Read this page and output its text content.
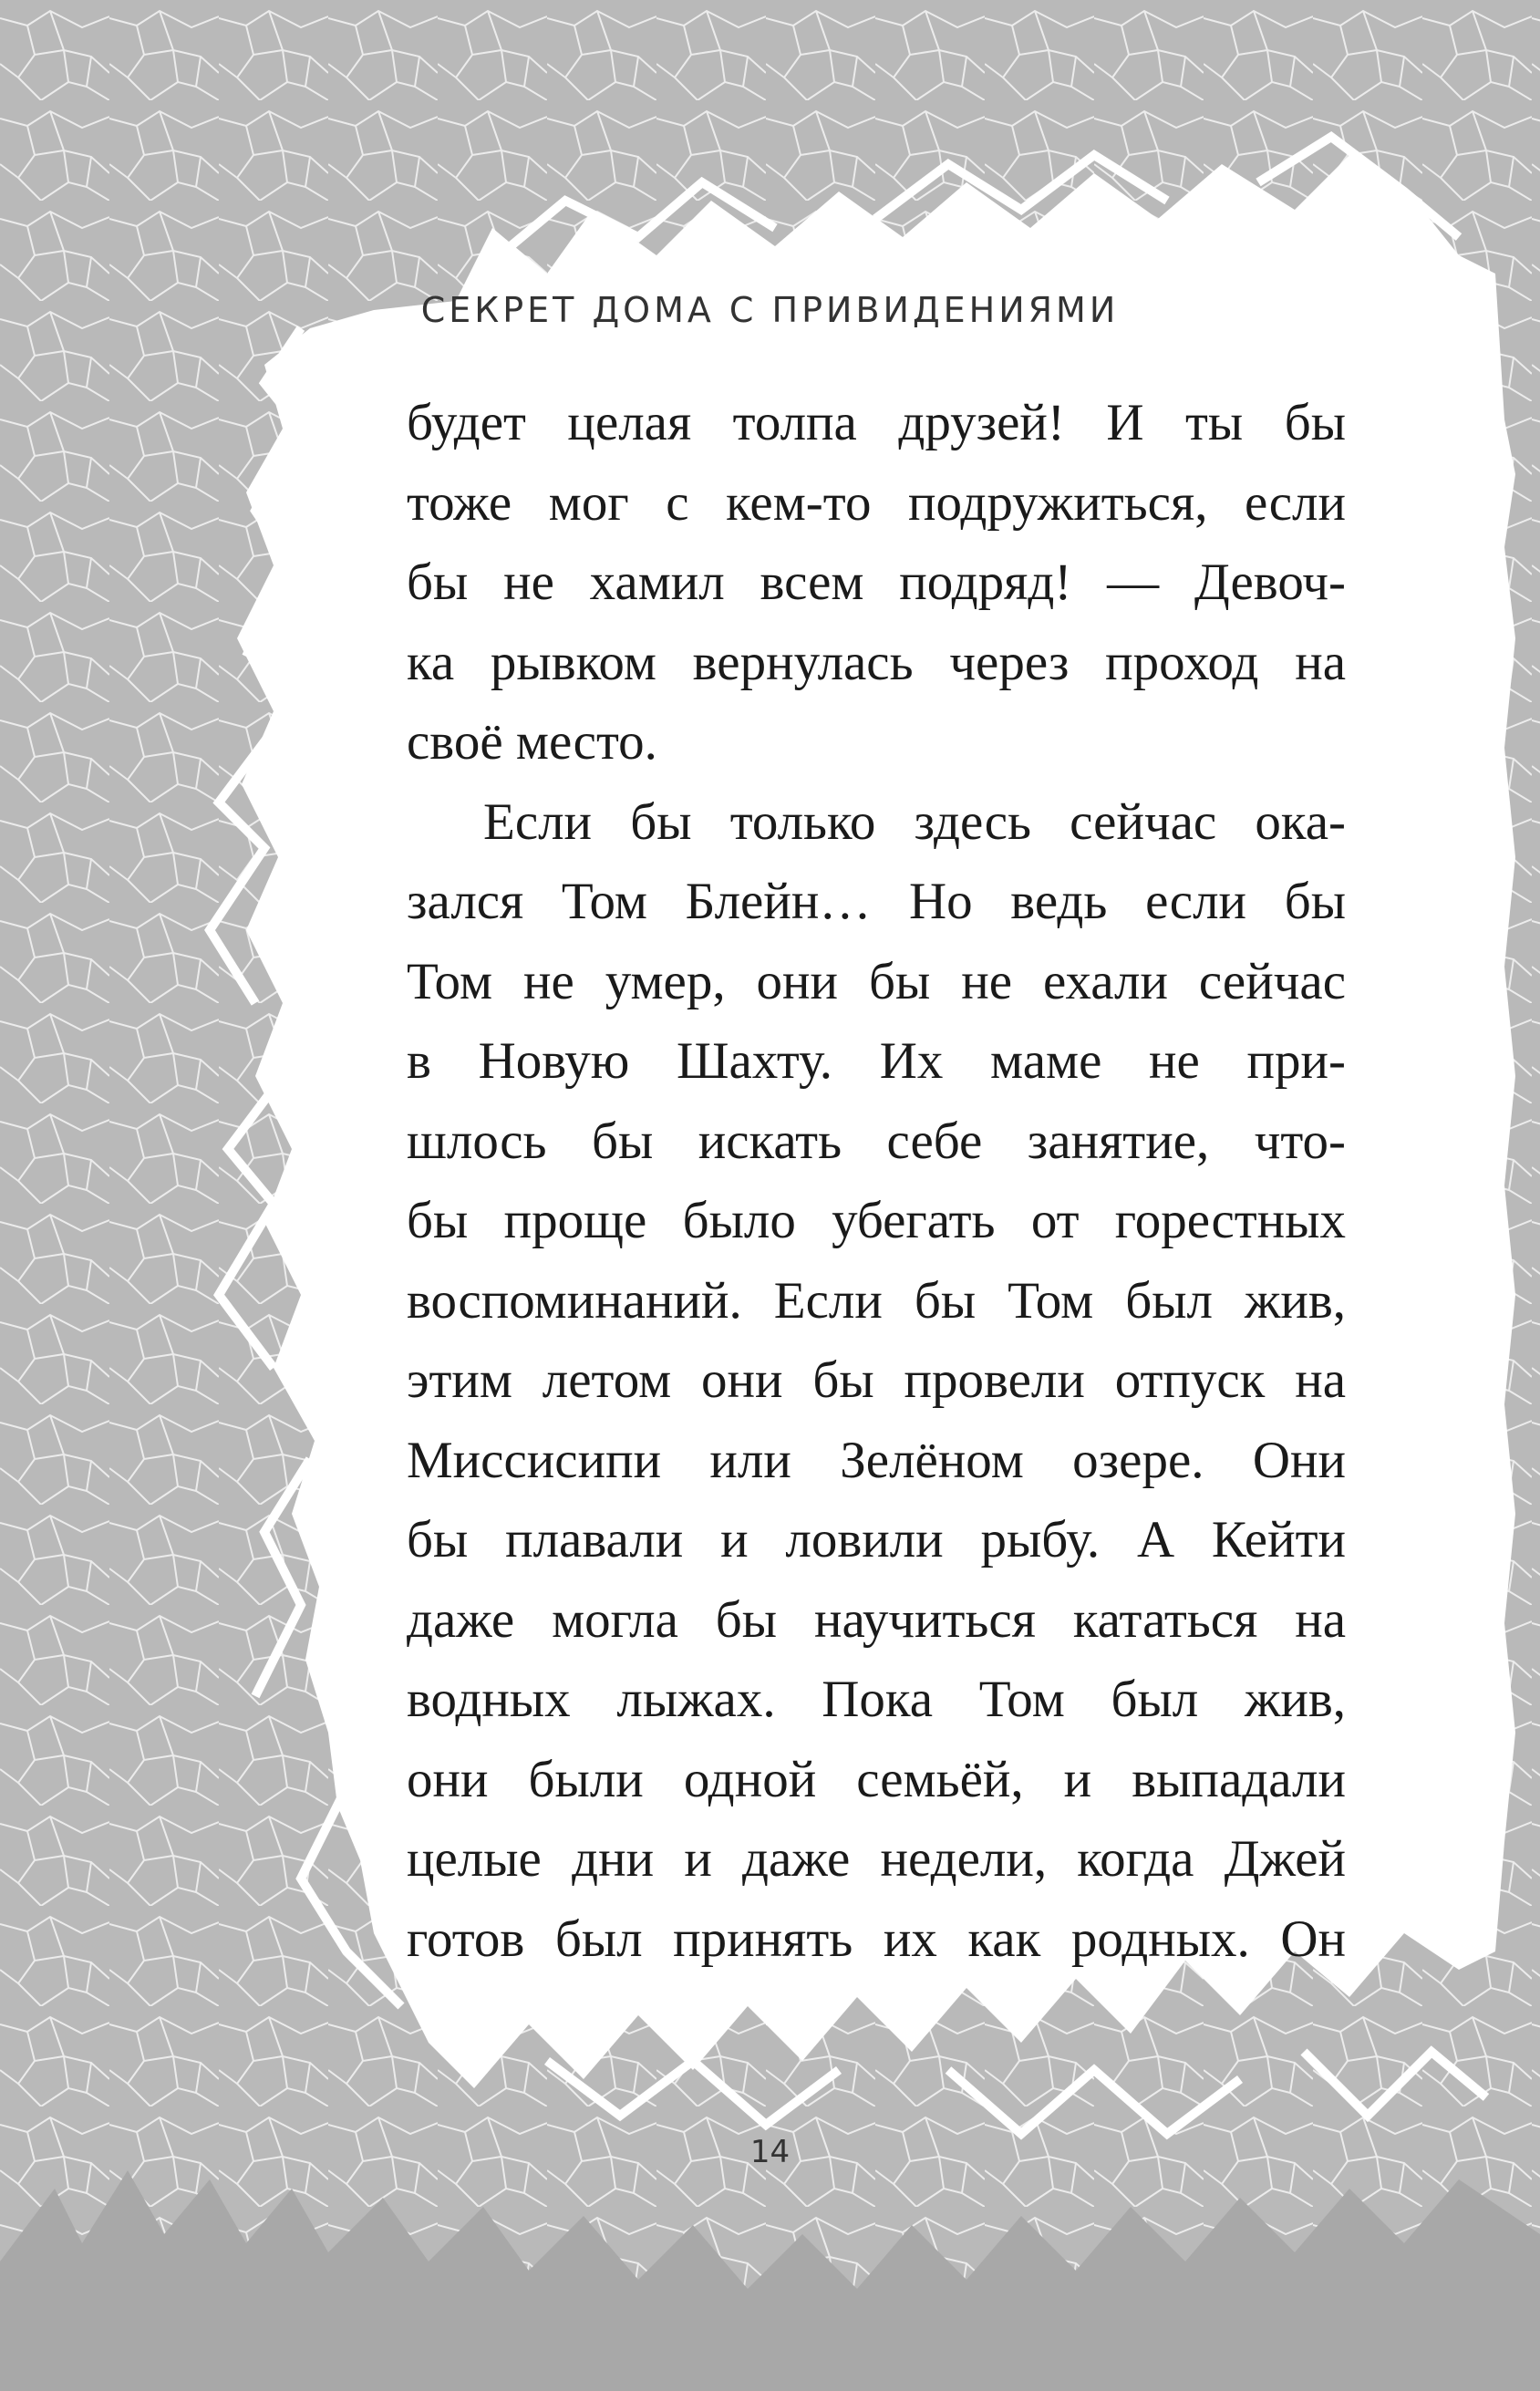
СЕКРЕТ ДОМА С ПРИВИДЕНИЯМИ
будет целая толпа друзей! И ты бы
тоже мог с кем-то подружиться, если
бы не хамил всем подряд! — Девоч-
ка рывком вернулась через проход на
своё место.
Если бы только здесь сейчас ока-
зался Том Блейн… Но ведь если бы
Том не умер, они бы не ехали сейчас
в Новую Шахту. Их маме не при-
шлось бы искать себе занятие, что-
бы проще было убегать от горестных
воспоминаний. Если бы Том был жив,
этим летом они бы провели отпуск на
Миссисипи или Зелёном озере. Они
бы плавали и ловили рыбу. А Кейти
даже могла бы научиться кататься на
водных лыжах. Пока Том был жив,
они были одной семьёй, и выпадали
целые дни и даже недели, когда Джей
готов был принять их как родных. Он
14
